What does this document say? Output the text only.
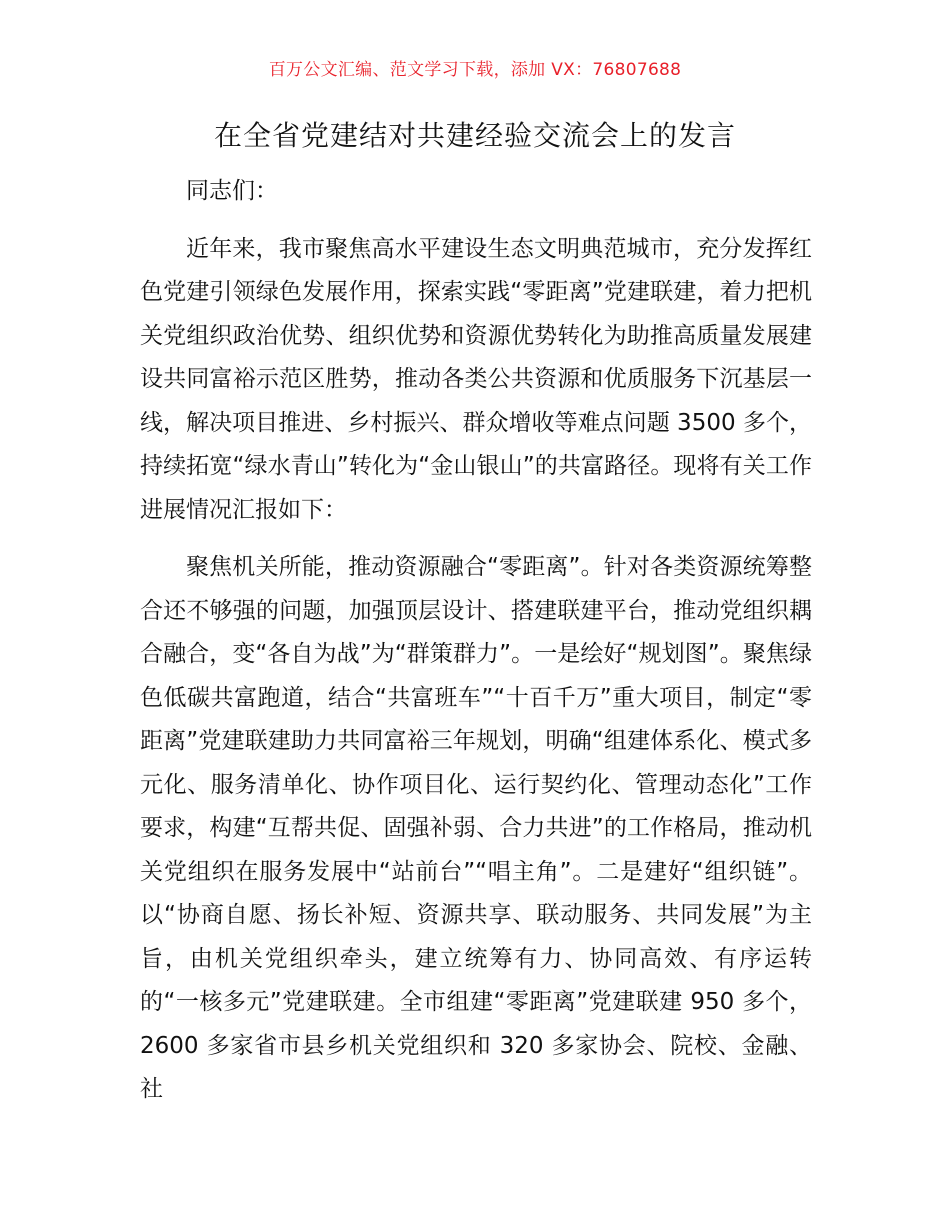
百万公文汇编、范文学习下载，添加 VX：76807688
在全省党建结对共建经验交流会上的发言

同志们：

近年来，我市聚焦高水平建设生态文明典范城市，充分发挥红色党建引领绿色发展作用，探索实践“零距离”党建联建，着力把机关党组织政治优势、组织优势和资源优势转化为助推高质量发展建设共同富裕示范区胜势，推动各类公共资源和优质服务下沉基层一线，解决项目推进、乡村振兴、群众增收等难点问题 3500 多个，持续拓宽“绿水青山”转化为“金山银山”的共富路径。现将有关工作进展情况汇报如下：

聚焦机关所能，推动资源融合“零距离”。针对各类资源统筹整合还不够强的问题，加强顶层设计、搭建联建平台，推动党组织耦合融合，变“各自为战”为“群策群力”。一是绘好“规划图”。聚焦绿色低碳共富跑道，结合“共富班车”“十百千万”重大项目，制定“零距离”党建联建助力共同富裕三年规划，明确“组建体系化、模式多元化、服务清单化、协作项目化、运行契约化、管理动态化”工作要求，构建“互帮共促、固强补弱、合力共进”的工作格局，推动机关党组织在服务发展中“站前台”“唱主角”。二是建好“组织链”。以“协商自愿、扬长补短、资源共享、联动服务、共同发展”为主旨，由机关党组织牵头，建立统筹有力、协同高效、有序运转的“一核多元”党建联建。全市组建“零距离”党建联建 950 多个，2600 多家省市县乡机关党组织和 320 多家协会、院校、金融、社
